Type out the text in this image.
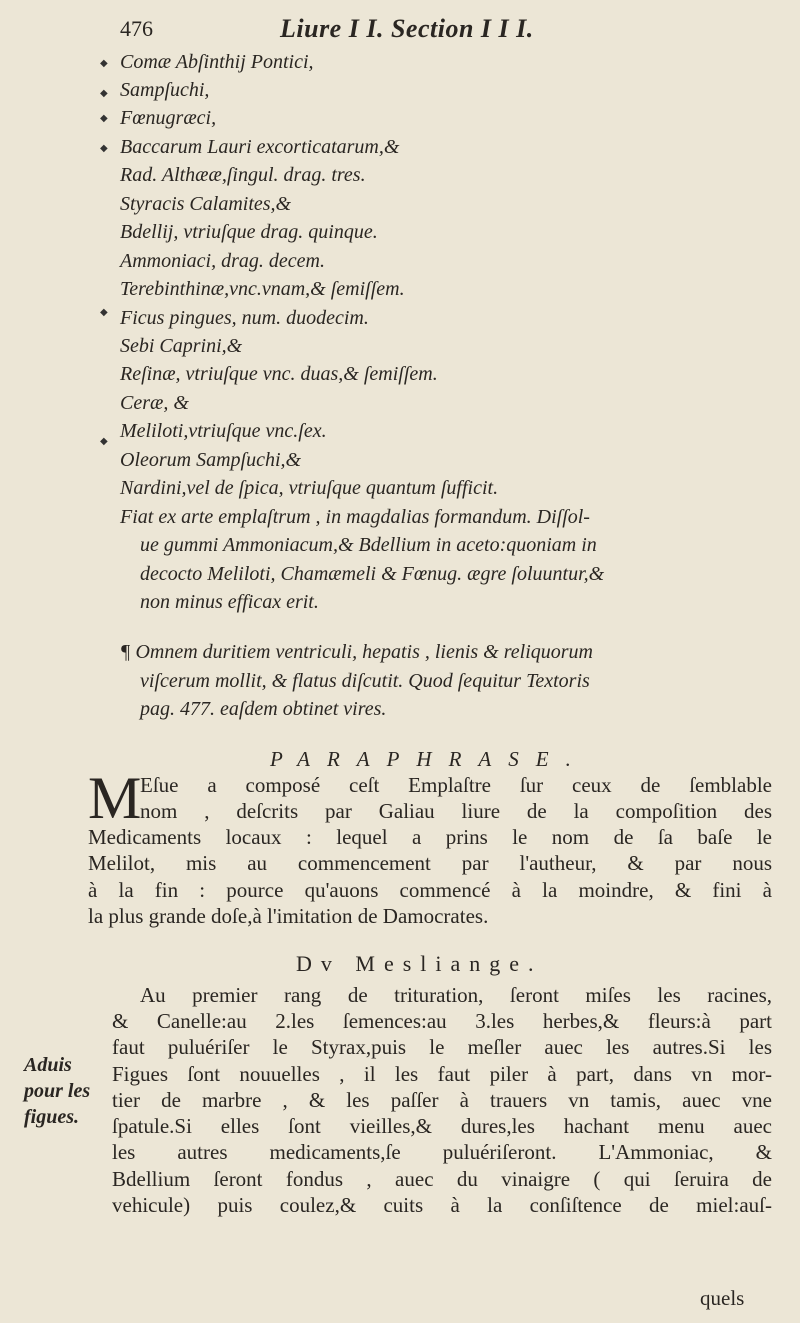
476	Liure I I. Section I I I.
Comæ Abſinthij Pontici,
Sampſuchi,
Fœnugræci,
Baccarum Lauri excorticatarum,&
Rad. Althææ,ſingul. drag. tres.
Styracis Calamites,&
Bdellij, vtriuſque drag. quinque.
Ammoniaci, drag. decem.
Terebinthinæ,vnc.vnam,& ſemiſſem.
Ficus pingues, num. duodecim.
Sebi Caprini,&
Reſinæ, vtriuſque vnc. duas,& ſemiſſem.
Ceræ, &
Meliloti,vtriuſque vnc.ſex.
Oleorum Sampſuchi,&
Nardini,vel de ſpica, vtriuſque quantum ſufficit.
Fiat ex arte emplaſtrum , in magdalias formandum. Diſſol-
ue gummi Ammoniacum,& Bdellium in aceto:quoniam in
decocto Meliloti, Chamæmeli & Fœnug. ægre ſoluuntur,&
non minus efficax erit.
¶ Omnem duritiem ventriculi, hepatis , lienis & reliquorum
viſcerum mollit, & flatus diſcutit. Quod ſequitur Textoris
pag. 477. eaſdem obtinet vires.
◆
◆
◆
◆
◆
◆
PARAPHRASE.
M
Eſue a composé ceſt Emplaſtre ſur ceux de ſemblable
nom , deſcrits par Galiau liure de la compoſition des
Medicaments locaux : lequel a prins le nom de ſa baſe le
Melilot, mis au commencement par l'autheur, & par nous
à la fin : pource qu'auons commencé à la moindre, & fini à
la plus grande doſe,à l'imitation de Damocrates.
Dv Mesliange.
Au premier rang de trituration, ſeront miſes les racines,
& Canelle:au 2.les ſemences:au 3.les herbes,& fleurs:à part
faut puluériſer le Styrax,puis le meſler auec les autres.Si les
Figues ſont nouuelles , il les faut piler à part, dans vn mor-
tier de marbre , & les paſſer à trauers vn tamis, auec vne
ſpatule.Si elles ſont vieilles,& dures,les hachant menu auec
les autres medicaments,ſe puluériſeront. L'Ammoniac, &
Bdellium ſeront fondus , auec du vinaigre ( qui ſeruira de
vehicule) puis coulez,& cuits à la conſiſtence de miel:auſ-
Aduis
pour les
figues.
quels
